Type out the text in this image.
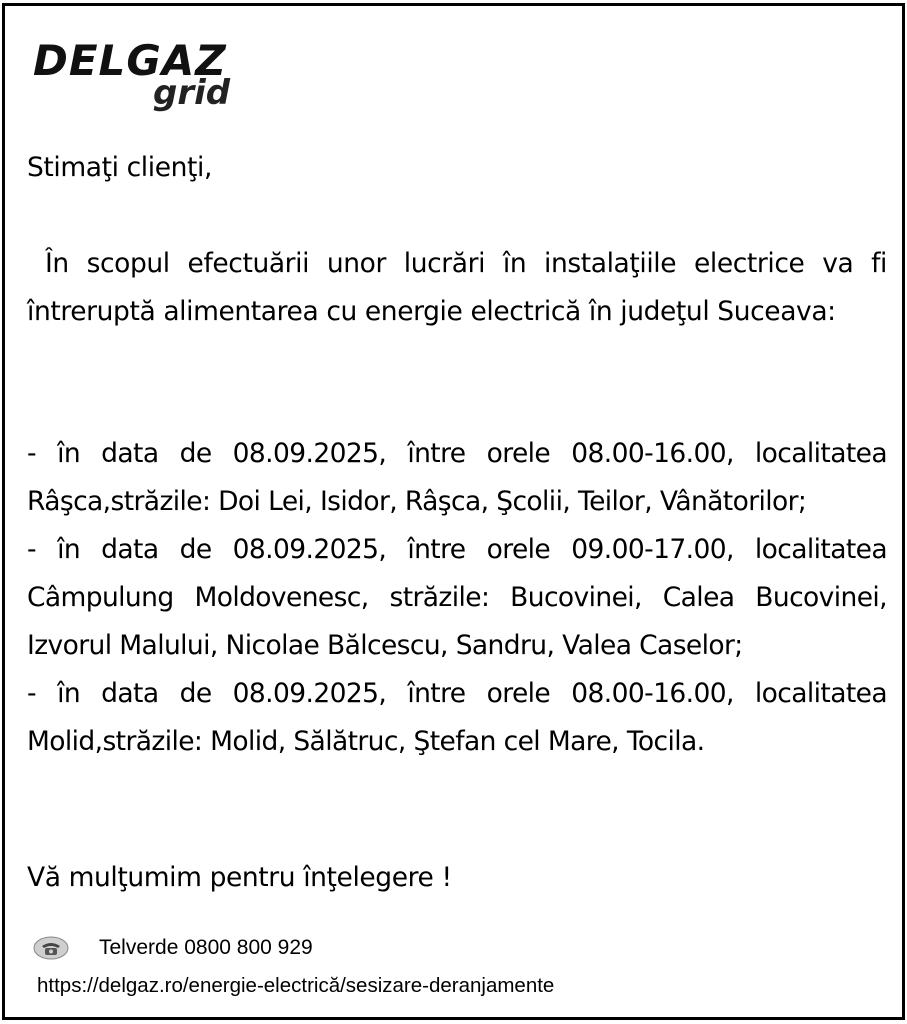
DELGAZ
grid
Stimaţi clienţi,
În scopul efectuării unor lucrări în instalaţiile electrice va fi întreruptă alimentarea cu energie electrică în judeţul Suceava:

- în data de 08.09.2025, între orele 08.00-16.00, localitatea Râşca,străzile: Doi Lei, Isidor, Râşca, Şcolii, Teilor, Vânătorilor;

- în data de 08.09.2025, între orele 09.00-17.00, localitatea Câmpulung Moldovenesc, străzile: Bucovinei, Calea Bucovinei, Izvorul Malului, Nicolae Bălcescu, Sandru, Valea Caselor;

- în data de 08.09.2025, între orele 08.00-16.00, localitatea Molid,străzile: Molid, Sălătruc, Ştefan cel Mare, Tocila.

Vă mulţumim pentru înţelegere !
Telverde 0800 800 929
https://delgaz.ro/energie-electrică/sesizare-deranjamente
